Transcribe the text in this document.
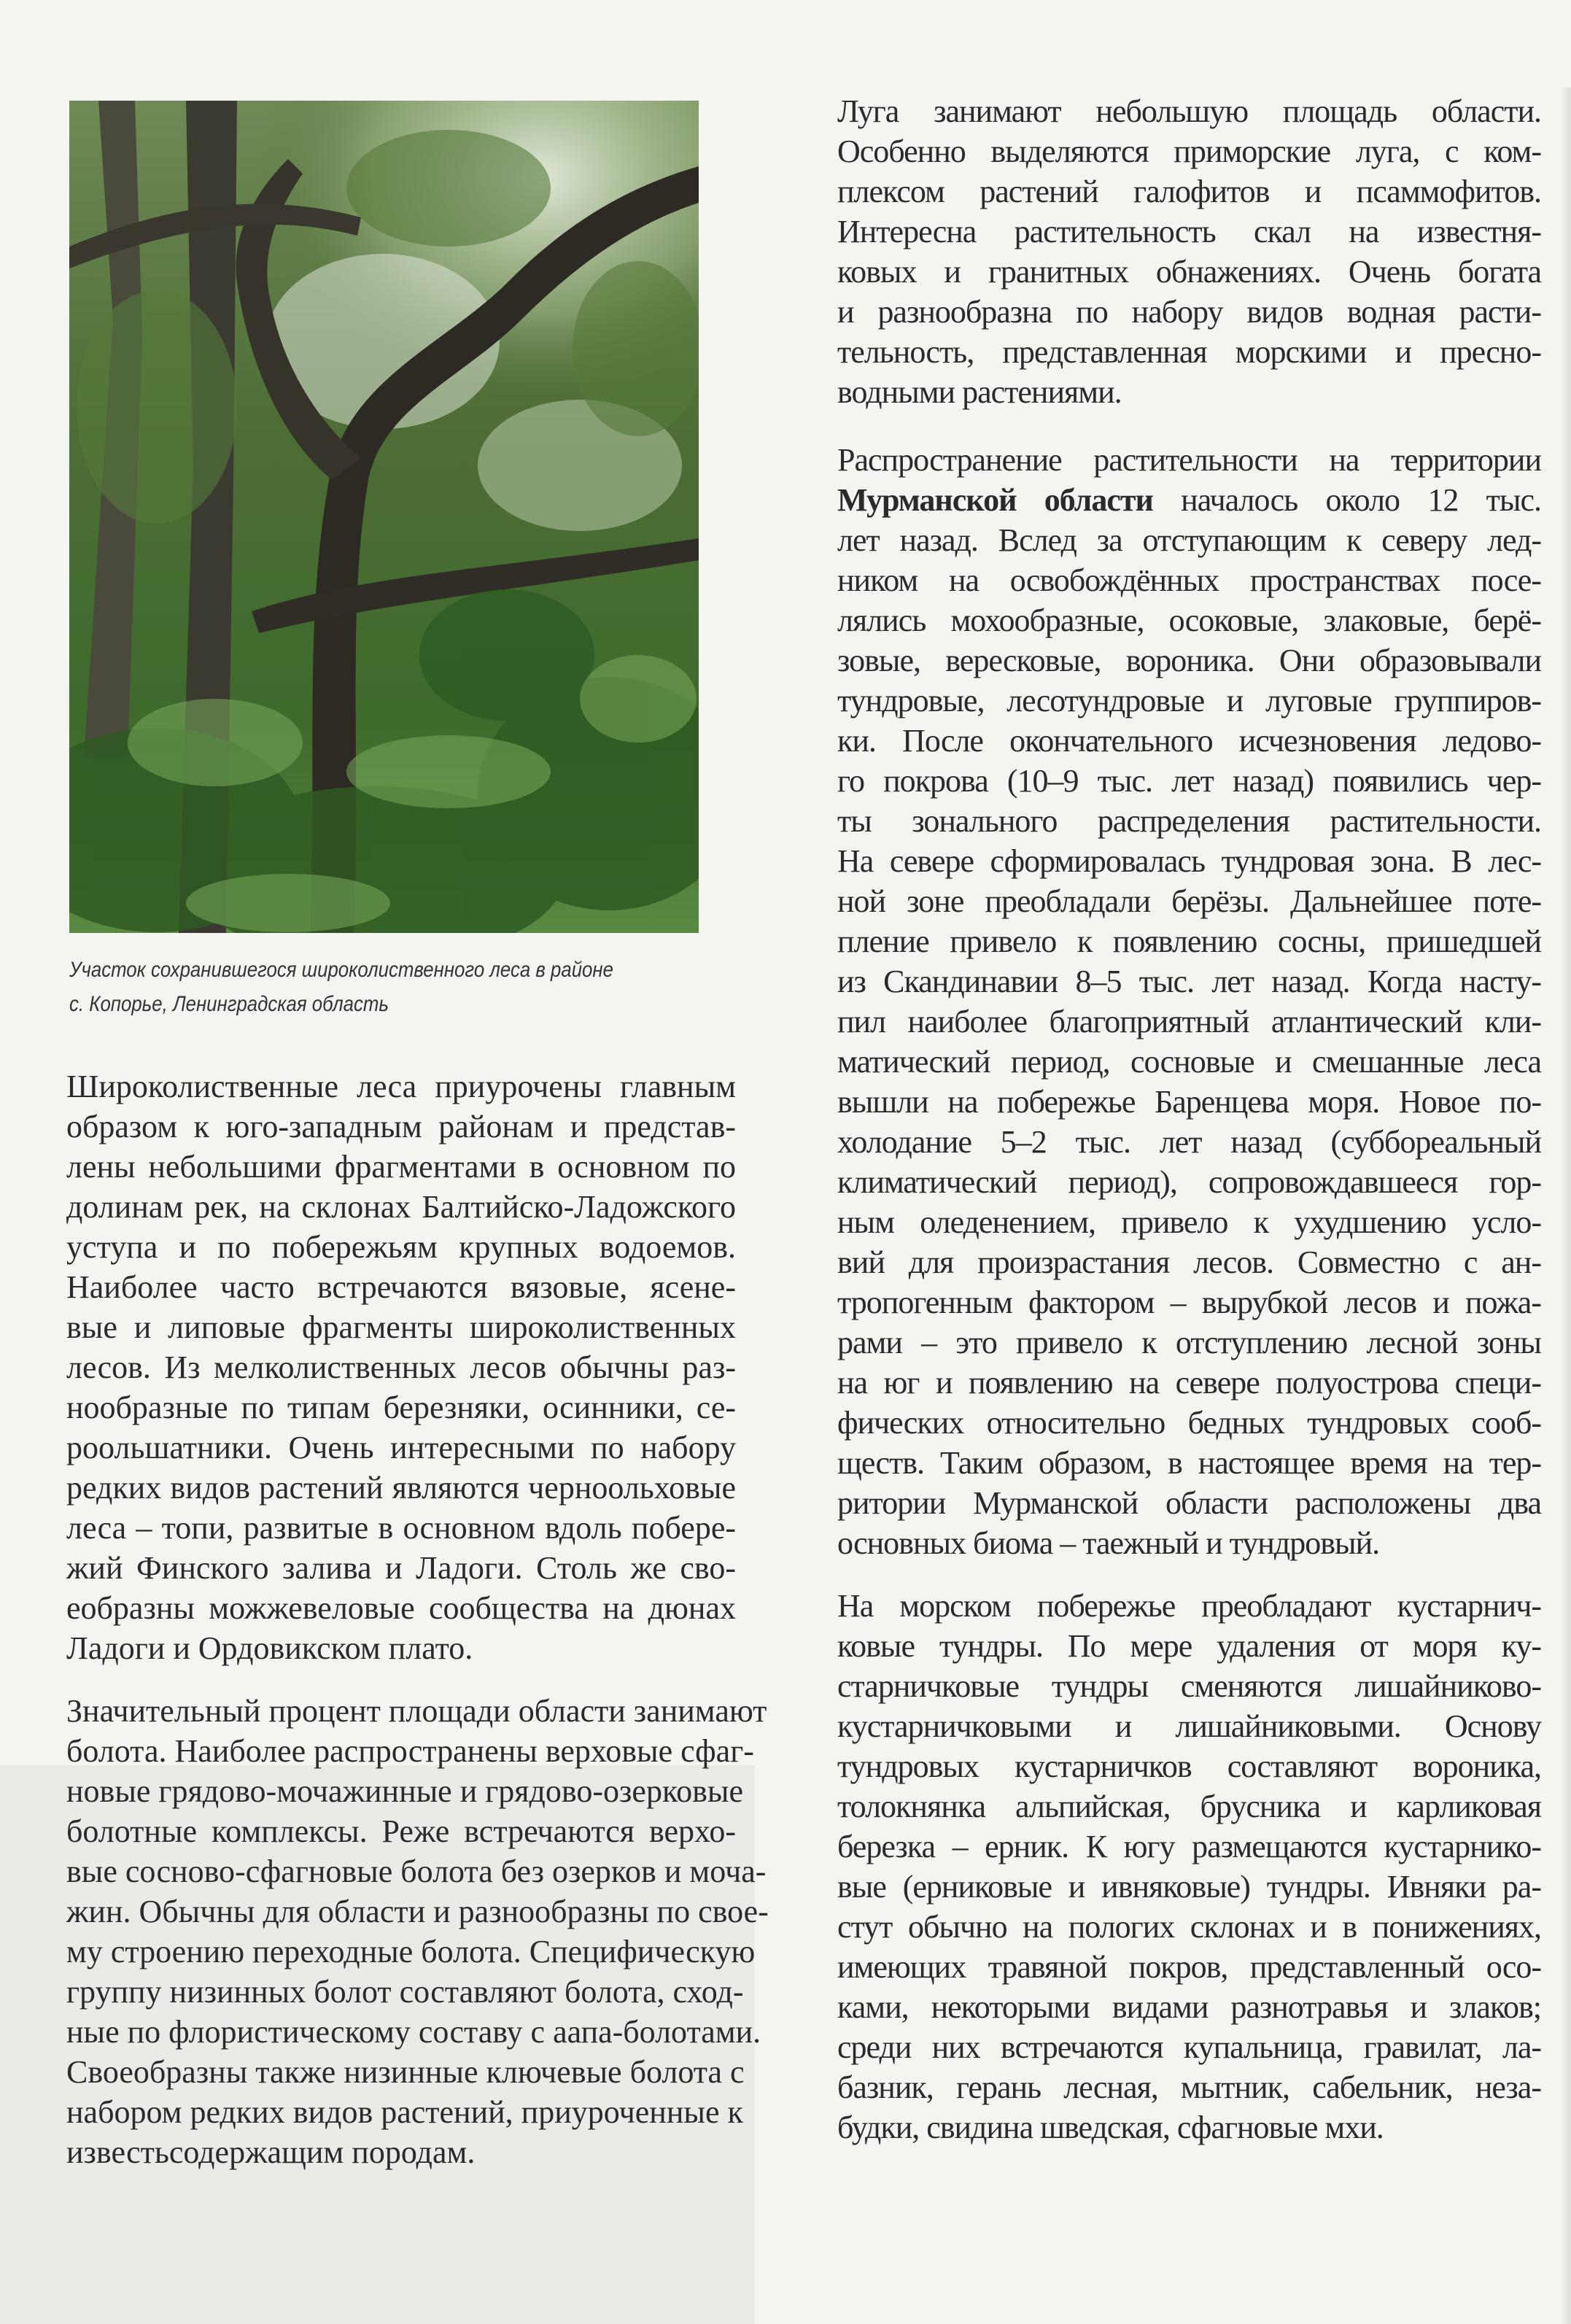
Участок сохранившегося широколиственного леса в районе
с. Копорье, Ленинградская область
Широколиственные леса приурочены главным
образом к юго-западным районам и представ-
лены небольшими фрагментами в основном по
долинам рек, на склонах Балтийско-Ладожского
уступа и по побережьям крупных водоемов.
Наиболее часто встречаются вязовые, ясене-
вые и липовые фрагменты широколиственных
лесов. Из мелколиственных лесов обычны раз-
нообразные по типам березняки, осинники, се-
роольшатники. Очень интересными по набору
редких видов растений являются черноольховые
леса – топи, развитые в основном вдоль побере-
жий Финского залива и Ладоги. Столь же сво-
еобразны можжевеловые сообщества на дюнах
Ладоги и Ордовикском плато.
Значительный процент площади области занимают
болота. Наиболее распространены верховые сфаг-
новые грядово-мочажинные и грядово-озерковые
болотные комплексы. Реже встречаются верхо-
вые сосново-сфагновые болота без озерков и моча-
жин. Обычны для области и разнообразны по свое-
му строению переходные болота. Специфическую
группу низинных болот составляют болота, сход-
ные по флористическому составу с аапа-болотами.
Своеобразны также низинные ключевые болота с
набором редких видов растений, приуроченные к
известьсодержащим породам.
Луга занимают небольшую площадь области.
Особенно выделяются приморские луга, с ком-
плексом растений галофитов и псаммофитов.
Интересна растительность скал на известня-
ковых и гранитных обнажениях. Очень богата
и разнообразна по набору видов водная расти-
тельность, представленная морскими и пресно-
водными растениями.
Распространение растительности на территории
Мурманской области началось около 12 тыс.
лет назад. Вслед за отступающим к северу лед-
ником на освобождённых пространствах посе-
лялись мохообразные, осоковые, злаковые, берё-
зовые, вересковые, вороника. Они образовывали
тундровые, лесотундровые и луговые группиров-
ки. После окончательного исчезновения ледово-
го покрова (10–9 тыс. лет назад) появились чер-
ты зонального распределения растительности.
На севере сформировалась тундровая зона. В лес-
ной зоне преобладали берёзы. Дальнейшее поте-
пление привело к появлению сосны, пришедшей
из Скандинавии 8–5 тыс. лет назад. Когда насту-
пил наиболее благоприятный атлантический кли-
матический период, сосновые и смешанные леса
вышли на побережье Баренцева моря. Новое по-
холодание 5–2 тыс. лет назад (суббореальный
климатический период), сопровождавшееся гор-
ным оледенением, привело к ухудшению усло-
вий для произрастания лесов. Совместно с ан-
тропогенным фактором – вырубкой лесов и пожа-
рами – это привело к отступлению лесной зоны
на юг и появлению на севере полуострова специ-
фических относительно бедных тундровых сооб-
ществ. Таким образом, в настоящее время на тер-
ритории Мурманской области расположены два
основных биома – таежный и тундровый.
На морском побережье преобладают кустарнич-
ковые тундры. По мере удаления от моря ку-
старничковые тундры сменяются лишайниково-
кустарничковыми и лишайниковыми. Основу
тундровых кустарничков составляют вороника,
толокнянка альпийская, брусника и карликовая
березка – ерник. К югу размещаются кустарнико-
вые (ерниковые и ивняковые) тундры. Ивняки ра-
стут обычно на пологих склонах и в понижениях,
имеющих травяной покров, представленный осо-
ками, некоторыми видами разнотравья и злаков;
среди них встречаются купальница, гравилат, ла-
базник, герань лесная, мытник, сабельник, неза-
будки, свидина шведская, сфагновые мхи.
